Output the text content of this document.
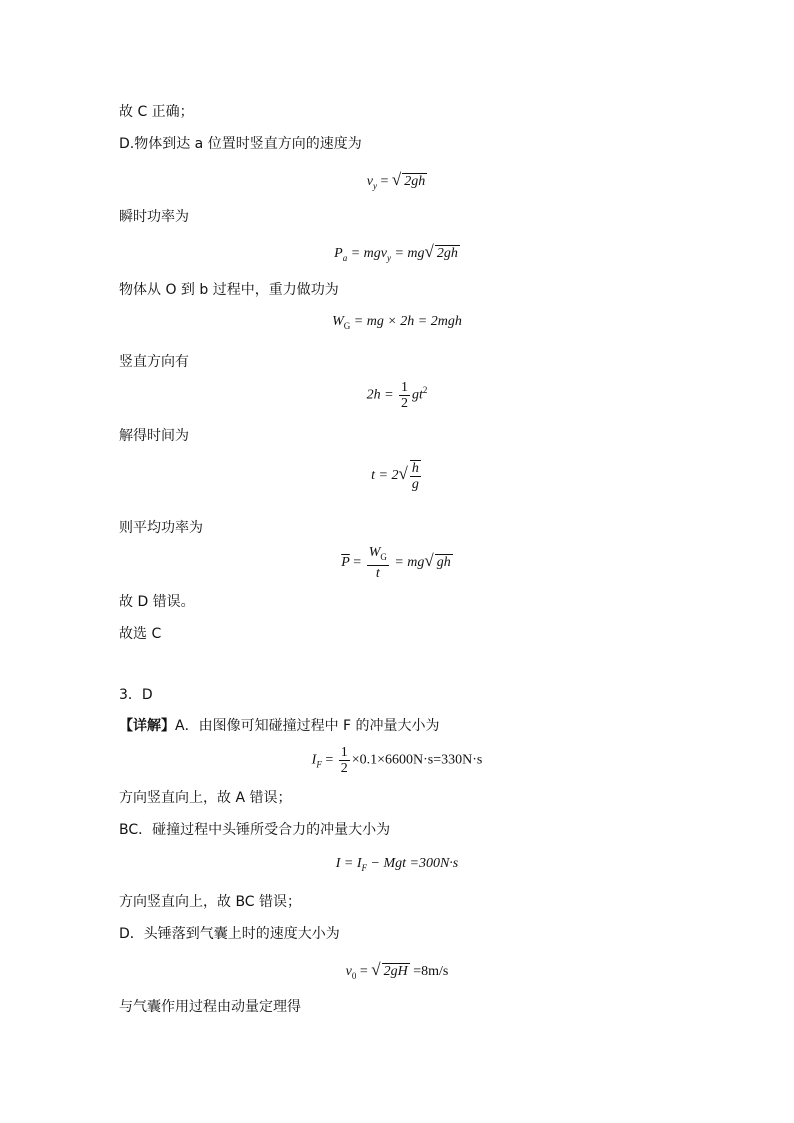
故 C 正确；
D.物体到达 a 位置时竖直方向的速度为
$v_y$ = √ 2gh
瞬时功率为
$P_a = mgv_y = mg√$ 2gh
物体从 O 到 b 过程中，重力做功为
$W_G$ = mg × 2h = 2mgh
竖直方向有
$2h = \frac{1}{2} gt^2$
解得时间为
$t = 2√ \frac{h}{g}$
则平均功率为
$\overline{P} = \frac{W_G}{t} = mg√$ gh
故 D 错误。
故选 C
3．D
【详解】A．由图像可知碰撞过程中 F 的冲量大小为
$I_F = \frac{1}{2} \times 0.1\times 6600N\cdot s=330N\cdot s$
方向竖直向上，故 A 错误；
BC．碰撞过程中头锤所受合力的冲量大小为
$I = I_F$ − Mgt =300N·s
方向竖直向上，故 BC 错误；
D．头锤落到气囊上时的速度大小为
$v_0$ = √ 2gH =8m/s
与气囊作用过程由动量定理得
